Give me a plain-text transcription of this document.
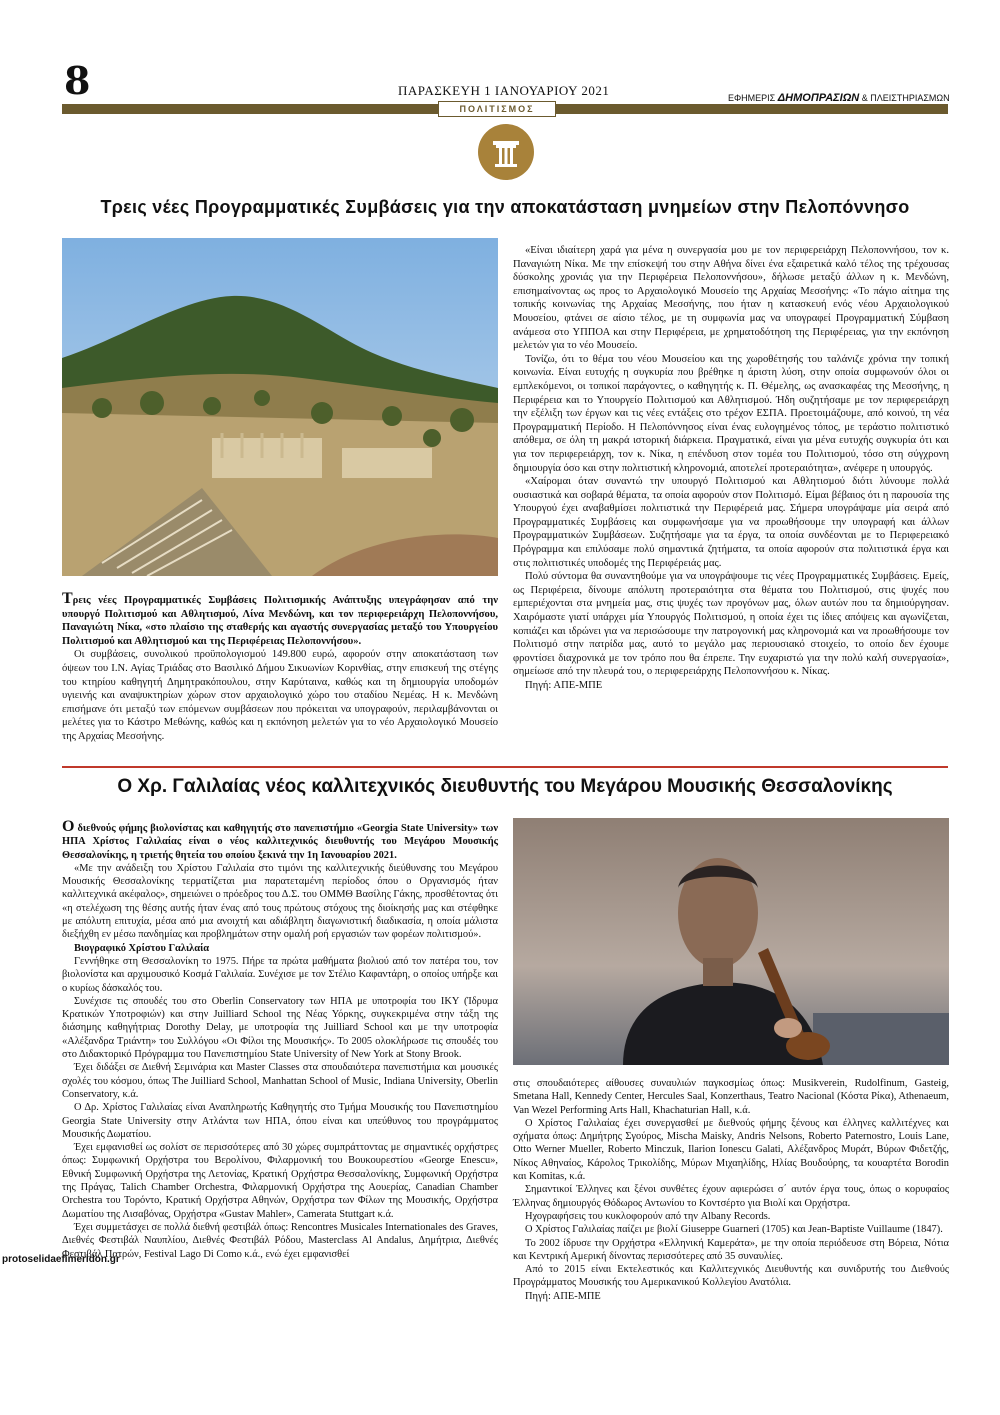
8	ΠΑΡΑΣΚΕΥΗ 1 ΙΑΝΟΥΑΡΙΟΥ 2021	ΕΦΗΜΕΡΙΣ ΔΗΜΟΠΡΑΣΙΩΝ & ΠΛΕΙΣΤΗΡΙΑΣΜΩΝ
ΠΟΛΙΤΙΣΜΟΣ
Τρεις νέες Προγραμματικές Συμβάσεις για την αποκατάσταση μνημείων στην Πελοπόννησο

Τρεις νέες Προγραμματικές Συμβάσεις Πολιτισμικής Ανάπτυξης υπεγράφησαν από την υπουργό Πολιτισμού και Αθλητισμού, Λίνα Μενδώνη, και τον περιφερειάρχη Πελοποννήσου, Παναγιώτη Νίκα, «στο πλαίσιο της σταθερής και αγαστής συνεργασίας μεταξύ του Υπουργείου Πολιτισμού και Αθλητισμού και της Περιφέρειας Πελοποννήσου».

Οι συμβάσεις, συνολικού προϋπολογισμού 149.800 ευρώ, αφορούν στην αποκατάσταση των όψεων του Ι.Ν. Αγίας Τριάδας στο Βασιλικό Δήμου Σικυωνίων Κορινθίας, στην επισκευή της στέγης του κτηρίου καθηγητή Δημητρακόπουλου, στην Καρύταινα, καθώς και τη δημιουργία υποδομών υγιεινής και αναψυκτηρίων χώρων στον αρχαιολογικό χώρο του σταδίου Νεμέας. Η κ. Μενδώνη επισήμανε ότι μεταξύ των επόμενων συμβάσεων που πρόκειται να υπογραφούν, περιλαμβάνονται οι μελέτες για το Κάστρο Μεθώνης, καθώς και η εκπόνηση μελετών για το νέο Αρχαιολογικό Μουσείο της Αρχαίας Μεσσήνης.

«Είναι ιδιαίτερη χαρά για μένα η συνεργασία μου με τον περιφερειάρχη Πελοποννήσου, τον κ. Παναγιώτη Νίκα. Με την επίσκεψή του στην Αθήνα δίνει ένα εξαιρετικά καλό τέλος της τρέχουσας δύσκολης χρονιάς για την Περιφέρεια Πελοποννήσου», δήλωσε μεταξύ άλλων η κ. Μενδώνη, επισημαίνοντας ως προς το Αρχαιολογικό Μουσείο της Αρχαίας Μεσσήνης: «Το πάγιο αίτημα της τοπικής κοινωνίας της Αρχαίας Μεσσήνης, που ήταν η κατασκευή ενός νέου Αρχαιολογικού Μουσείου, φτάνει σε αίσιο τέλος, με τη συμφωνία μας να υπογραφεί Προγραμματική Σύμβαση ανάμεσα στο ΥΠΠΟΑ και στην Περιφέρεια, με χρηματοδότηση της Περιφέρειας, για την εκπόνηση μελετών για το νέο Μουσείο.

Τονίζω, ότι το θέμα του νέου Μουσείου και της χωροθέτησής του ταλάνιζε χρόνια την τοπική κοινωνία. Είναι ευτυχής η συγκυρία που βρέθηκε η άριστη λύση, στην οποία συμφωνούν όλοι οι εμπλεκόμενοι, οι τοπικοί παράγοντες, ο καθηγητής κ. Π. Θέμελης, ως ανασκαφέας της Μεσσήνης, η Περιφέρεια και το Υπουργείο Πολιτισμού και Αθλητισμού. Ήδη συζητήσαμε με τον περιφερειάρχη την εξέλιξη των έργων και τις νέες εντάξεις στο τρέχον ΕΣΠΑ. Προετοιμάζουμε, από κοινού, τη νέα Προγραμματική Περίοδο. Η Πελοπόννησος είναι ένας ευλογημένος τόπος, με τεράστιο πολιτιστικό απόθεμα, σε όλη τη μακρά ιστορική διάρκεια. Πραγματικά, είναι για μένα ευτυχής συγκυρία ότι και για τον περιφερειάρχη, τον κ. Νίκα, η επένδυση στον τομέα του Πολιτισμού, τόσο στη σύγχρονη δημιουργία όσο και στην πολιτιστική κληρονομιά, αποτελεί προτεραιότητα», ανέφερε η υπουργός.

«Χαίρομαι όταν συναντώ την υπουργό Πολιτισμού και Αθλητισμού διότι λύνουμε πολλά ουσιαστικά και σοβαρά θέματα, τα οποία αφορούν στον Πολιτισμό. Είμαι βέβαιος ότι η παρουσία της Υπουργού έχει αναβαθμίσει πολιτιστικά την Περιφέρειά μας. Σήμερα υπογράψαμε μία σειρά από Προγραμματικές Συμβάσεις και συμφωνήσαμε για να προωθήσουμε την υπογραφή και άλλων Προγραμματικών Συμβάσεων. Συζητήσαμε για τα έργα, τα οποία συνδέονται με το Περιφερειακό Πρόγραμμα και επιλύσαμε πολύ σημαντικά ζητήματα, τα οποία αφορούν στα πολιτιστικά έργα και στις πολιτιστικές υποδομές της Περιφέρειάς μας.

Πολύ σύντομα θα συναντηθούμε για να υπογράψουμε τις νέες Προγραμματικές Συμβάσεις. Εμείς, ως Περιφέρεια, δίνουμε απόλυτη προτεραιότητα στα θέματα του Πολιτισμού, στις ψυχές που εμπεριέχονται στα μνημεία μας, στις ψυχές των προγόνων μας, όλων αυτών που τα δημιούργησαν. Χαιρόμαστε γιατί υπάρχει μία Υπουργός Πολιτισμού, η οποία έχει τις ίδιες απόψεις και αγωνίζεται, κοπιάζει και ιδρώνει για να περισώσουμε την πατρογονική μας κληρονομιά και να προωθήσουμε τον Πολιτισμό στην πατρίδα μας, αυτό το μεγάλο μας περιουσιακό στοιχείο, το οποίο δεν έχουμε φροντίσει διαχρονικά με τον τρόπο που θα έπρεπε. Την ευχαριστώ για την πολύ καλή συνεργασία», σημείωσε από την πλευρά του, ο περιφερειάρχης Πελοποννήσου κ. Νίκας.

Πηγή: ΑΠΕ-ΜΠΕ

Ο Χρ. Γαλιλαίας νέος καλλιτεχνικός διευθυντής του Μεγάρου Μουσικής Θεσσαλονίκης

Ο διεθνούς φήμης βιολονίστας και καθηγητής στο πανεπιστήμιο «Georgia State University» των ΗΠΑ Χρίστος Γαλιλαίας είναι ο νέος καλλιτεχνικός διευθυντής του Μεγάρου Μουσικής Θεσσαλονίκης, η τριετής θητεία του οποίου ξεκινά την 1η Ιανουαρίου 2021.

«Με την ανάδειξη του Χρίστου Γαλιλαία στο τιμόνι της καλλιτεχνικής διεύθυνσης του Μεγάρου Μουσικής Θεσσαλονίκης τερματίζεται μια παρατεταμένη περίοδος όπου ο Οργανισμός ήταν καλλιτεχνικά ακέφαλος», σημειώνει ο πρόεδρος του Δ.Σ. του ΟΜΜΘ Βασίλης Γάκης, προσθέτοντας ότι «η στελέχωση της θέσης αυτής ήταν ένας από τους πρώτους στόχους της διοίκησής μας και στέφθηκε με απόλυτη επιτυχία, μέσα από μια ανοιχτή και αδιάβλητη διαγωνιστική διαδικασία, η οποία μάλιστα διεξήχθη εν μέσω πανδημίας και προβλημάτων στην ομαλή ροή εργασιών των φορέων πολιτισμού».

Βιογραφικό Χρίστου Γαλιλαία

Γεννήθηκε στη Θεσσαλονίκη το 1975. Πήρε τα πρώτα μαθήματα βιολιού από τον πατέρα του, τον βιολονίστα και αρχιμουσικό Κοσμά Γαλιλαία. Συνέχισε με τον Στέλιο Καφαντάρη, ο οποίος υπήρξε και ο κυρίως δάσκαλός του.

Συνέχισε τις σπουδές του στο Oberlin Conservatory των ΗΠΑ με υποτροφία του ΙΚΥ (Ίδρυμα Κρατικών Υποτροφιών) και στην Juilliard School της Νέας Υόρκης, συγκεκριμένα στην τάξη της διάσημης καθηγήτριας Dorothy Delay, με υποτροφία της Juilliard School και με την υποτροφία «Αλέξανδρα Τριάντη» του Συλλόγου «Οι Φίλοι της Μουσικής». Το 2005 ολοκλήρωσε τις σπουδές του στο Διδακτορικό Πρόγραμμα του Πανεπιστημίου State University of New York at Stony Brook.

Έχει διδάξει σε Διεθνή Σεμινάρια και Master Classes στα σπουδαιότερα πανεπιστήμια και μουσικές σχολές του κόσμου, όπως The Juilliard School, Manhattan School of Music, Indiana University, Oberlin Conservatory, κ.ά.

Ο Δρ. Χρίστος Γαλιλαίας είναι Αναπληρωτής Καθηγητής στο Τμήμα Μουσικής του Πανεπιστημίου Georgia State University στην Ατλάντα των ΗΠΑ, όπου είναι και υπεύθυνος του προγράμματος Μουσικής Δωματίου.

Έχει εμφανισθεί ως σολίστ σε περισσότερες από 30 χώρες συμπράττοντας με σημαντικές ορχήστρες όπως: Συμφωνική Ορχήστρα του Βερολίνου, Φιλαρμονική του Βουκουρεστίου «George Enescu», Εθνική Συμφωνική Ορχήστρα της Λετονίας, Κρατική Ορχήστρα Θεσσαλονίκης, Συμφωνική Ορχήστρα της Πράγας, Talich Chamber Orchestra, Φιλαρμονική Ορχήστρα της Αουερίας, Canadian Chamber Orchestra του Τορόντο, Κρατική Ορχήστρα Αθηνών, Ορχήστρα των Φίλων της Μουσικής, Ορχήστρα Δωματίου της Λισαβόνας, Ορχήστρα «Gustav Mahler», Camerata Stuttgart κ.ά.

Έχει συμμετάσχει σε πολλά διεθνή φεστιβάλ όπως: Rencontres Musicales Internationales des Graves, Διεθνές Φεστιβάλ Ναυπλίου, Διεθνές Φεστιβάλ Ρόδου, Masterclass Al Andalus, Δημήτρια, Διεθνές Φεστιβάλ Πατρών, Festival Lago Di Como κ.ά., ενώ έχει εμφανισθεί

στις σπουδαιότερες αίθουσες συναυλιών παγκοσμίως όπως: Musikverein, Rudolfinum, Gasteig, Smetana Hall, Kennedy Center, Hercules Saal, Konzerthaus, Teatro Nacional (Κόστα Ρίκα), Athenaeum, Van Wezel Performing Arts Hall, Khachaturian Hall, κ.ά.

Ο Χρίστος Γαλιλαίας έχει συνεργασθεί με διεθνούς φήμης ξένους και έλληνες καλλιτέχνες και σχήματα όπως: Δημήτρης Σγούρος, Mischa Maisky, Andris Nelsons, Roberto Paternostro, Louis Lane, Otto Werner Mueller, Roberto Minczuk, Ilarion Ionescu Galati, Αλέξανδρος Μυράτ, Βύρων Φιδετζής, Νίκος Αθηναίος, Κάρολος Τρικολίδης, Μύρων Μιχαηλίδης, Ηλίας Βουδούρης, τα κουαρτέτα Borodin και Komitas, κ.ά.

Σημαντικοί Έλληνες και ξένοι συνθέτες έχουν αφιερώσει σ΄ αυτόν έργα τους, όπως ο κορυφαίος Έλληνας δημιουργός Θόδωρος Αντωνίου το Κοντσέρτο για Βιολί και Ορχήστρα.

Ηχογραφήσεις του κυκλοφορούν από την Albany Records.

Ο Χρίστος Γαλιλαίας παίζει με βιολί Giuseppe Guarneri (1705) και Jean-Baptiste Vuillaume (1847).

Το 2002 ίδρυσε την Ορχήστρα «Ελληνική Καμεράτα», με την οποία περιόδευσε στη Βόρεια, Νότια και Κεντρική Αμερική δίνοντας περισσότερες από 35 συναυλίες.

Από το 2015 είναι Εκτελεστικός και Καλλιτεχνικός Διευθυντής και συνιδρυτής του Διεθνούς Προγράμματος Μουσικής του Αμερικανικού Κολλεγίου Ανατόλια.

Πηγή: ΑΠΕ-ΜΠΕ

protoselidaefimeridon.gr
